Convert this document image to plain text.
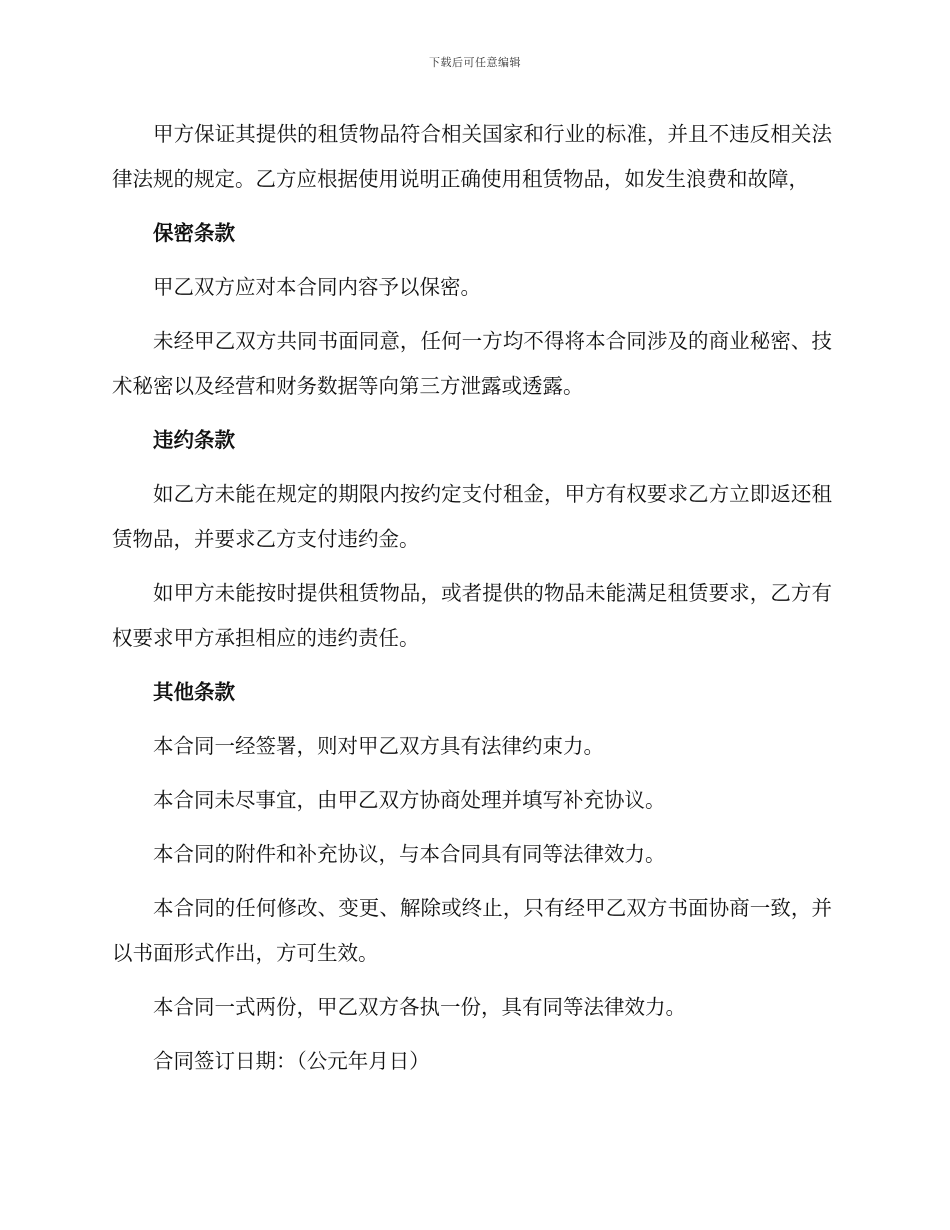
下载后可任意编辑

甲方保证其提供的租赁物品符合相关国家和行业的标准，并且不违反相关法律法规的规定。乙方应根据使用说明正确使用租赁物品，如发生浪费和故障，

保密条款

甲乙双方应对本合同内容予以保密。

未经甲乙双方共同书面同意，任何一方均不得将本合同涉及的商业秘密、技术秘密以及经营和财务数据等向第三方泄露或透露。

违约条款

如乙方未能在规定的期限内按约定支付租金，甲方有权要求乙方立即返还租赁物品，并要求乙方支付违约金。

如甲方未能按时提供租赁物品，或者提供的物品未能满足租赁要求，乙方有权要求甲方承担相应的违约责任。

其他条款

本合同一经签署，则对甲乙双方具有法律约束力。

本合同未尽事宜，由甲乙双方协商处理并填写补充协议。

本合同的附件和补充协议，与本合同具有同等法律效力。

本合同的任何修改、变更、解除或终止，只有经甲乙双方书面协商一致，并以书面形式作出，方可生效。

本合同一式两份，甲乙双方各执一份，具有同等法律效力。

合同签订日期：（公元年月日）
